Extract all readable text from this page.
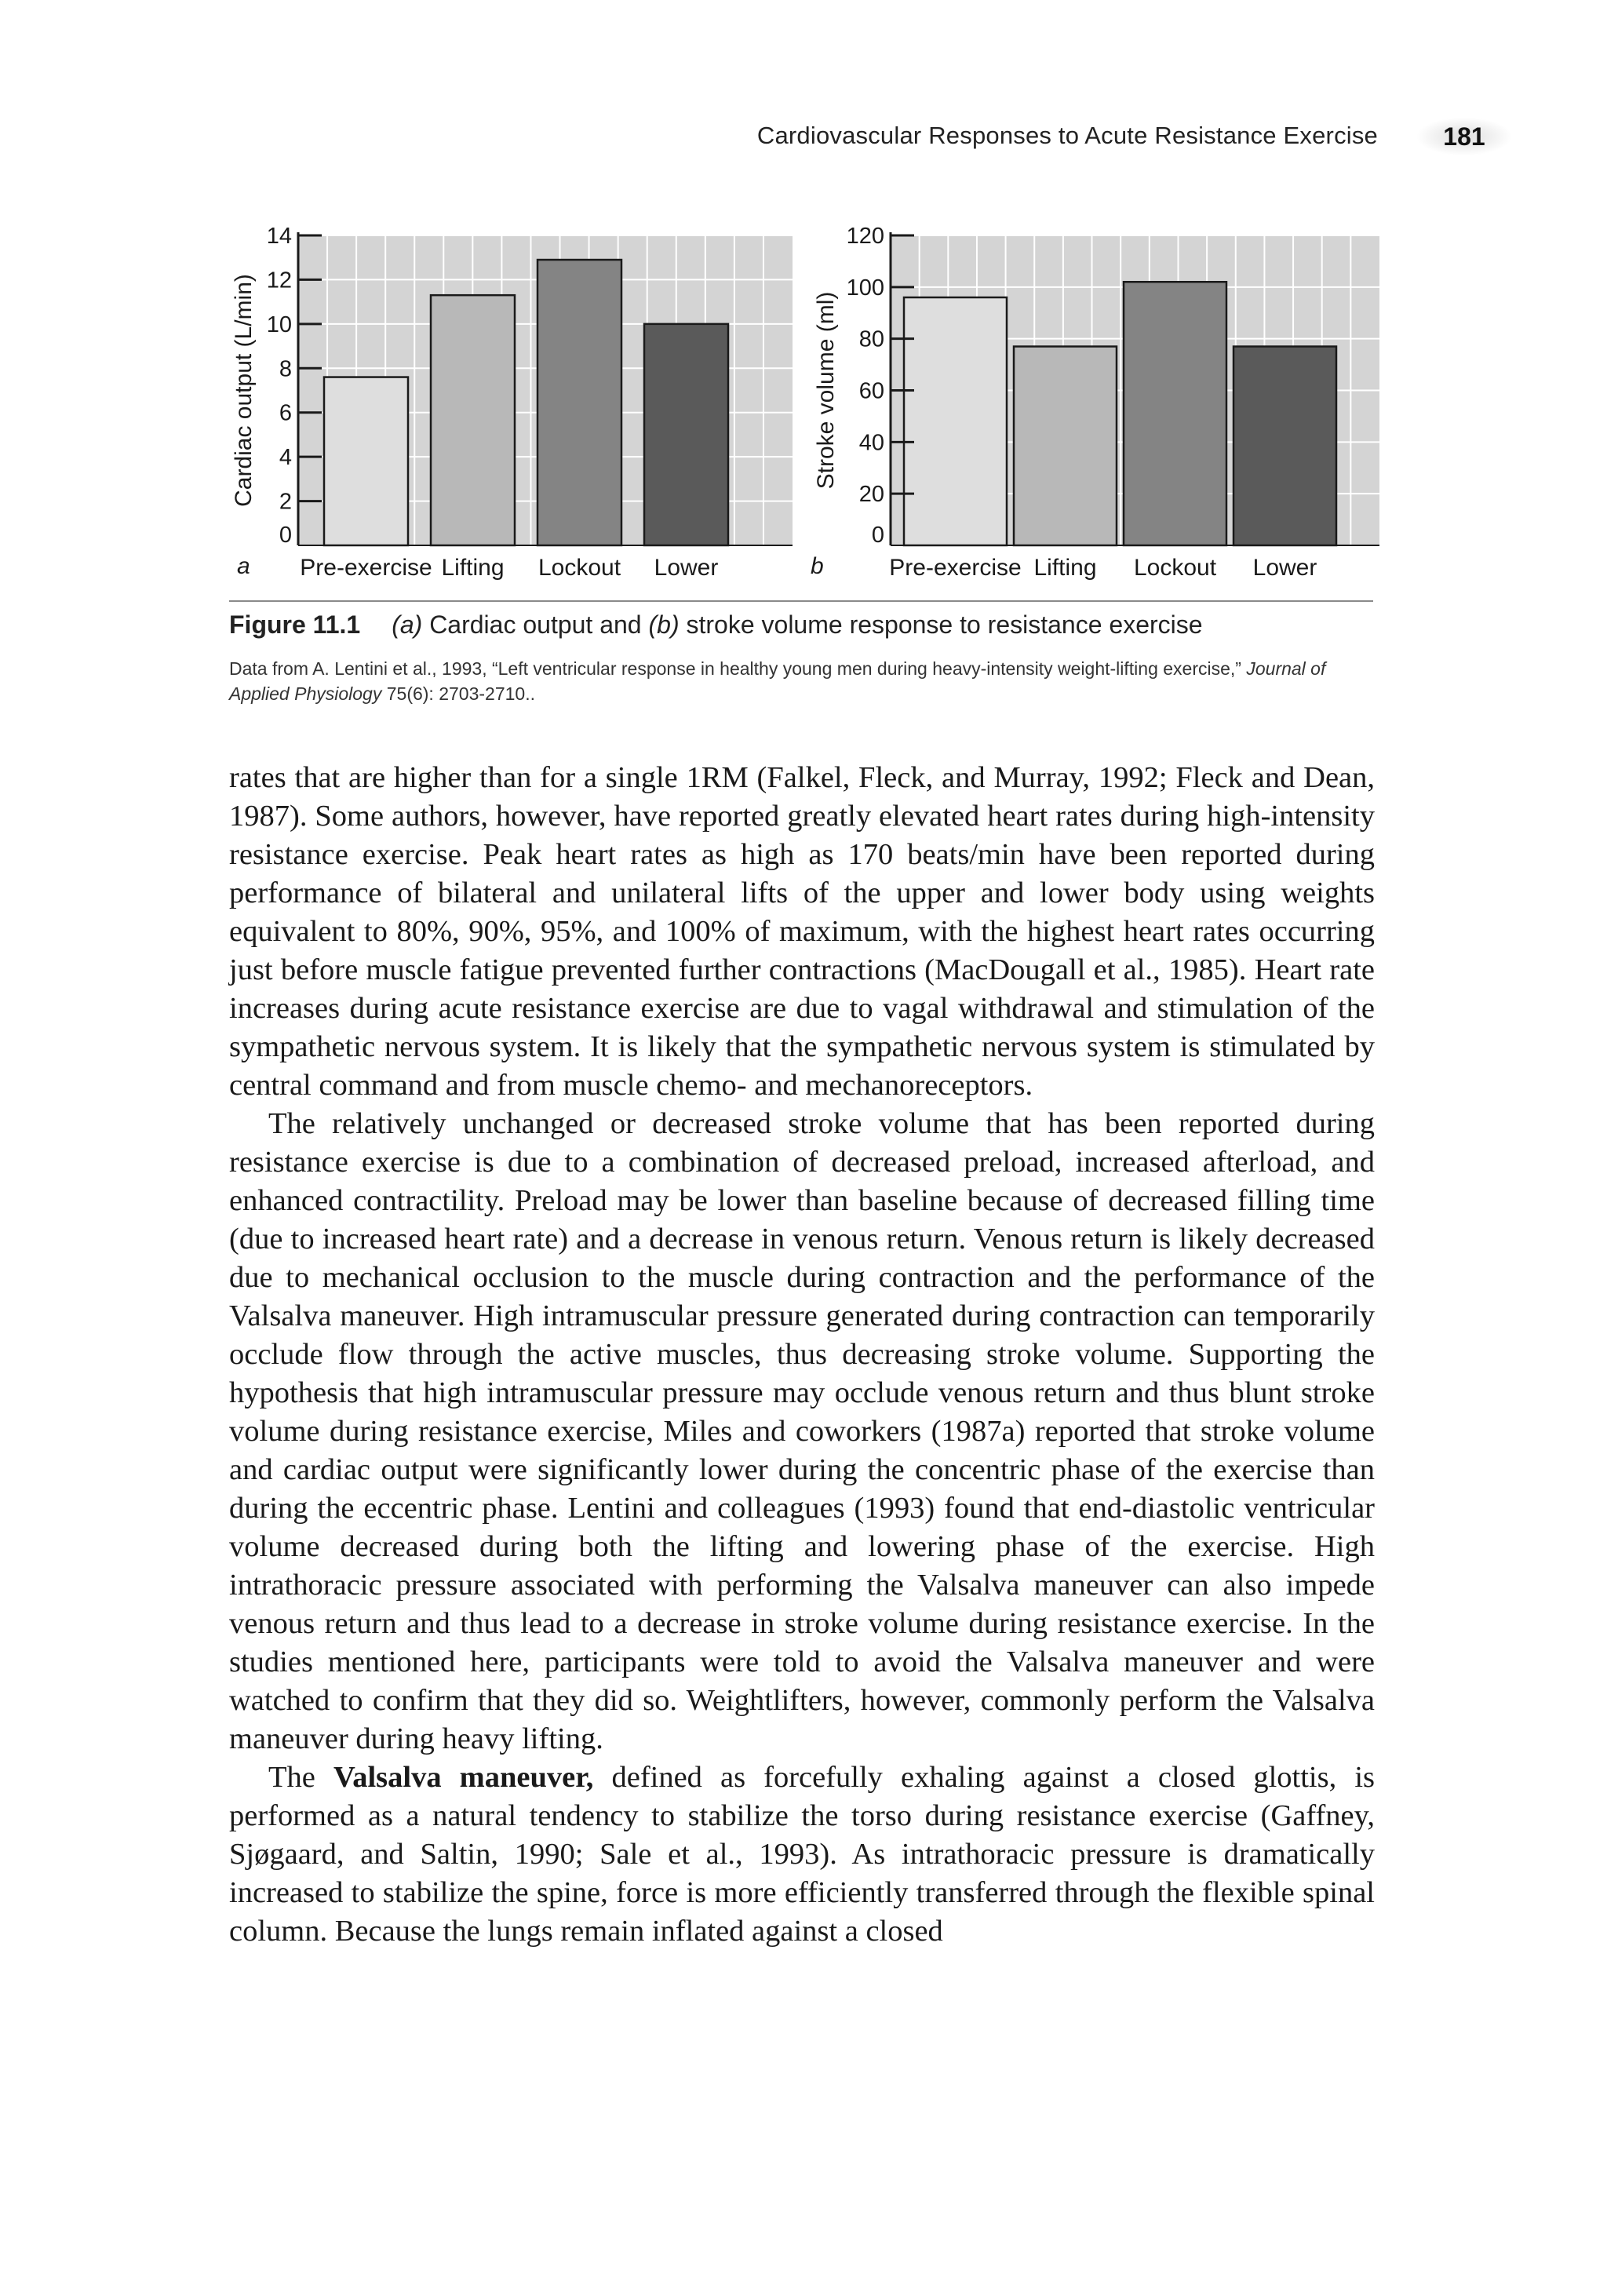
Cardiovascular Responses to Acute Resistance Exercise	181
0
2
4
6
8
10
12
14
Pre-exercise Lifting Lockout Lower
Cardiac output (L/min)
a
0
20
40
60
80
100
120
Pre-exercise Lifting Lockout Lower
Stroke volume (ml)
b
Figure 11.1 (a) Cardiac output and (b) stroke volume response to resistance exercise
Data from A. Lentini et al., 1993, “Left ventricular response in healthy young men during heavy-intensity weight-lifting exercise,” Journal of Applied Physiology 75(6): 2703-2710..

rates that are higher than for a single 1RM (Falkel, Fleck, and Murray, 1992; Fleck and Dean, 1987). Some authors, however, have reported greatly elevated heart rates during high-intensity resistance exercise. Peak heart rates as high as 170 beats/min have been reported during performance of bilateral and unilateral lifts of the upper and lower body using weights equivalent to 80%, 90%, 95%, and 100% of maximum, with the highest heart rates occurring just before muscle fatigue prevented further contractions (MacDougall et al., 1985). Heart rate increases during acute resistance exercise are due to vagal withdrawal and stimulation of the sympathetic nervous system. It is likely that the sympathetic nervous system is stimulated by central command and from muscle chemo- and mechanoreceptors.

The relatively unchanged or decreased stroke volume that has been reported during resistance exercise is due to a combination of decreased preload, increased afterload, and enhanced contractility. Preload may be lower than baseline because of decreased filling time (due to increased heart rate) and a decrease in venous return. Venous return is likely decreased due to mechanical occlusion to the muscle during contraction and the performance of the Valsalva maneuver. High intramuscular pressure generated during contraction can temporarily occlude flow through the active muscles, thus decreasing stroke volume. Supporting the hypothesis that high intramuscular pressure may occlude venous return and thus blunt stroke volume during resistance exercise, Miles and coworkers (1987a) reported that stroke volume and cardiac output were significantly lower during the concentric phase of the exercise than during the eccentric phase. Lentini and colleagues (1993) found that end-diastolic ventricular volume decreased during both the lifting and lowering phase of the exercise. High intrathoracic pressure associated with performing the Valsalva maneuver can also impede venous return and thus lead to a decrease in stroke volume during resistance exercise. In the studies mentioned here, participants were told to avoid the Valsalva maneuver and were watched to confirm that they did so. Weightlifters, however, commonly perform the Valsalva maneuver during heavy lifting.

The Valsalva maneuver, defined as forcefully exhaling against a closed glottis, is performed as a natural tendency to stabilize the torso during resistance exercise (Gaffney, Sjøgaard, and Saltin, 1990; Sale et al., 1993). As intrathoracic pressure is dramatically increased to stabilize the spine, force is more efficiently transferred through the flexible spinal column. Because the lungs remain inflated against a closed
